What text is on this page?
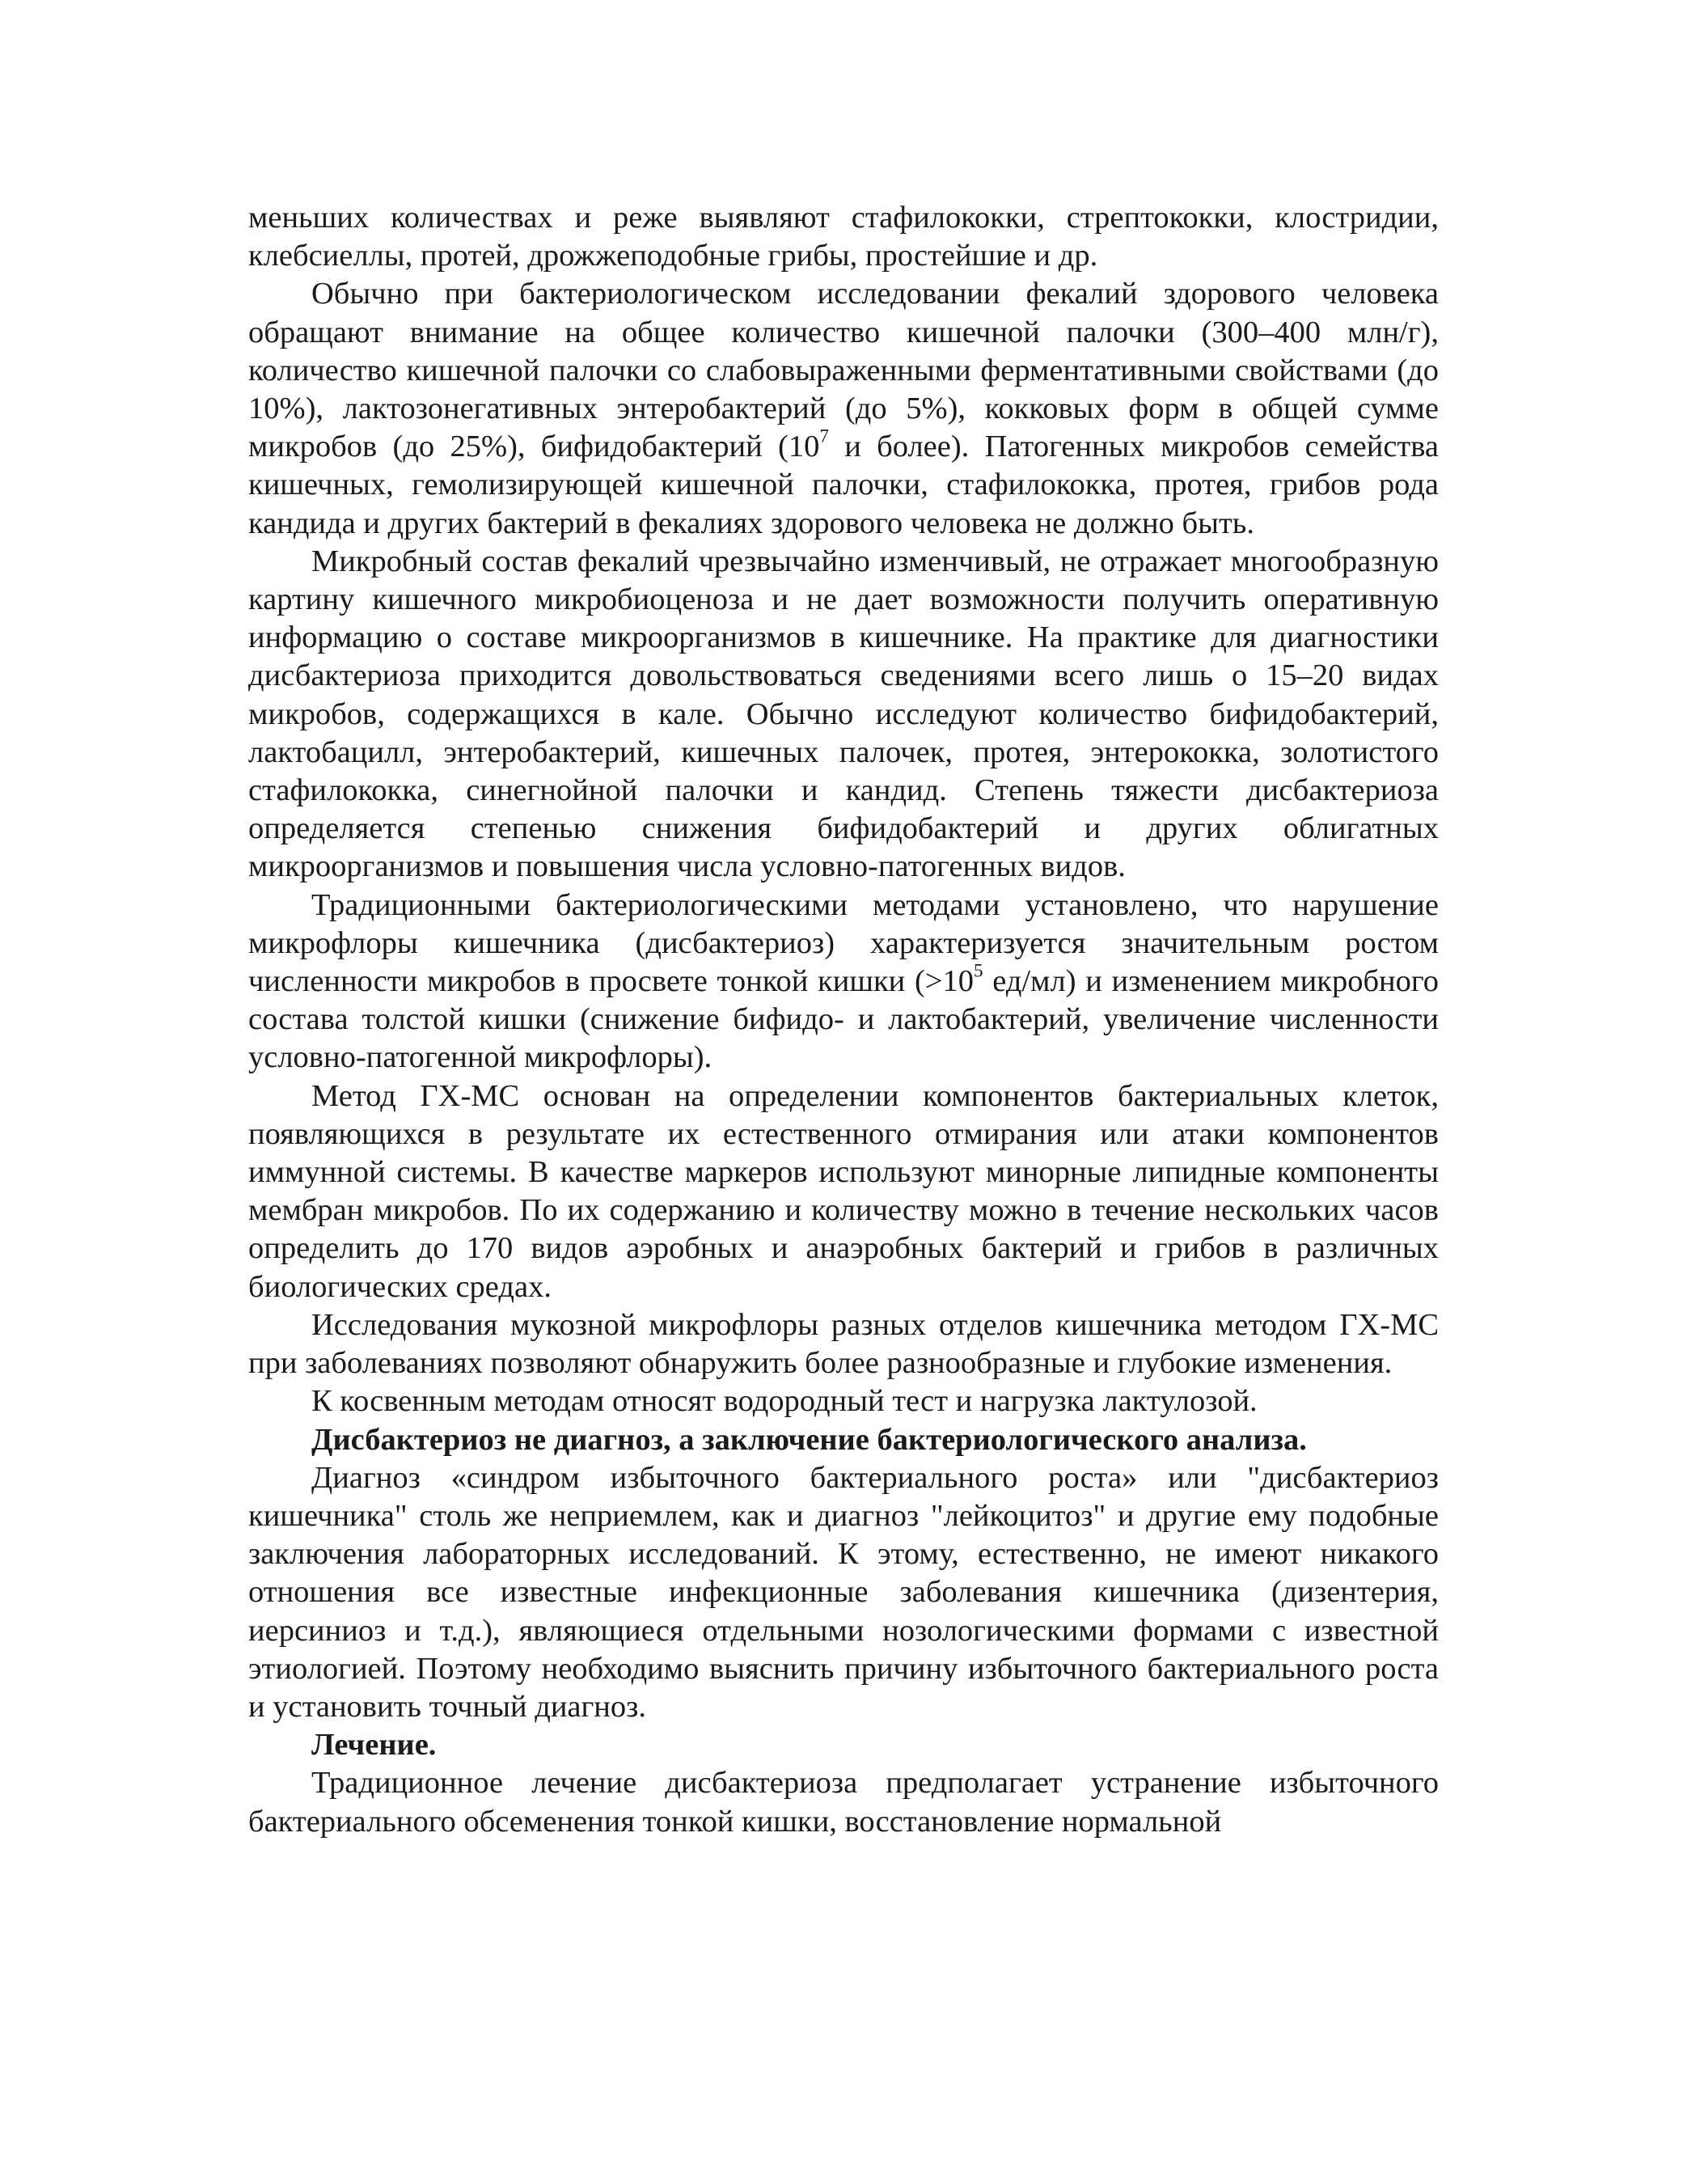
меньших количествах и реже выявляют стафилококки, стрептококки, клостридии, клебсиеллы, протей, дрожжеподобные грибы, простейшие и др.

Обычно при бактериологическом исследовании фекалий здорового человека обращают внимание на общее количество кишечной палочки (300–400 млн/г), количество кишечной палочки со слабовыраженными ферментативными свойствами (до 10%), лактозонегативных энтеробактерий (до 5%), кокковых форм в общей сумме микробов (до 25%), бифидобактерий ($10^7$ и более). Патогенных микробов семейства кишечных, гемолизирующей кишечной палочки, стафилококка, протея, грибов рода кандида и других бактерий в фекалиях здорового человека не должно быть.

Микробный состав фекалий чрезвычайно изменчивый, не отражает многообразную картину кишечного микробиоценоза и не дает возможности получить оперативную информацию о составе микроорганизмов в кишечнике. На практике для диагностики дисбактериоза приходится довольствоваться сведениями всего лишь о 15–20 видах микробов, содержащихся в кале. Обычно исследуют количество бифидобактерий, лактобацилл, энтеробактерий, кишечных палочек, протея, энтерококка, золотистого стафилококка, синегнойной палочки и кандид. Степень тяжести дисбактериоза определяется степенью снижения бифидобактерий и других облигатных микроорганизмов и повышения числа условно-патогенных видов.

Традиционными бактериологическими методами установлено, что нарушение микрофлоры кишечника (дисбактериоз) характеризуется значительным ростом численности микробов в просвете тонкой кишки ($>10^5$ ед/мл) и изменением микробного состава толстой кишки (снижение бифидо- и лактобактерий, увеличение численности условно-патогенной микрофлоры).

Метод ГХ-МС основан на определении компонентов бактериальных клеток, появляющихся в результате их естественного отмирания или атаки компонентов иммунной системы. В качестве маркеров используют минорные липидные компоненты мембран микробов. По их содержанию и количеству можно в течение нескольких часов определить до 170 видов аэробных и анаэробных бактерий и грибов в различных биологических средах.

Исследования мукозной микрофлоры разных отделов кишечника методом ГХ-МС при заболеваниях позволяют обнаружить более разнообразные и глубокие изменения.

К косвенным методам относят водородный тест и нагрузка лактулозой.

Дисбактериоз не диагноз, а заключение бактериологического анализа.

Диагноз «синдром избыточного бактериального роста» или "дисбактериоз кишечника" столь же неприемлем, как и диагноз "лейкоцитоз" и другие ему подобные заключения лабораторных исследований. К этому, естественно, не имеют никакого отношения все известные инфекционные заболевания кишечника (дизентерия, иерсиниоз и т.д.), являющиеся отдельными нозологическими формами с известной этиологией. Поэтому необходимо выяснить причину избыточного бактериального роста и установить точный диагноз.

Лечение.

Традиционное лечение дисбактериоза предполагает устранение избыточного бактериального обсеменения тонкой кишки, восстановление нормальной
